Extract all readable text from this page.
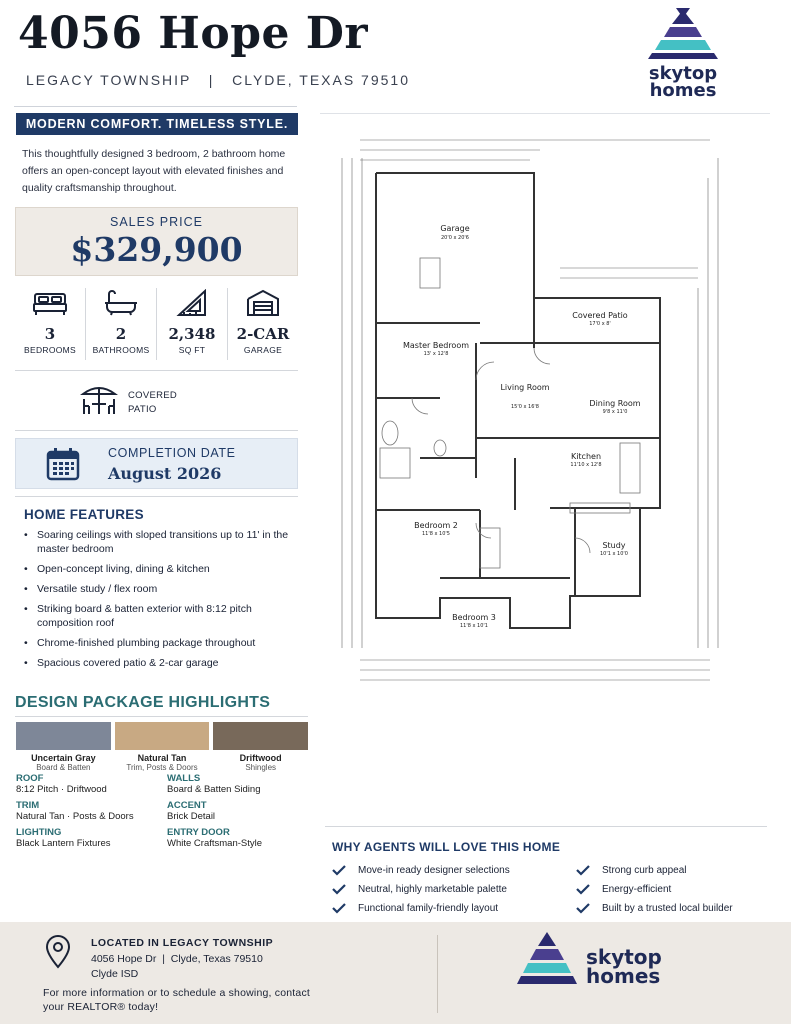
4056 Hope Dr
LEGACY TOWNSHIP   |   CLYDE, TEXAS 79510	skytop
homes
MODERN COMFORT. TIMELESS STYLE.
This thoughtfully designed 3 bedroom, 2 bathroom home offers an open-concept layout with elevated finishes and quality craftsmanship throughout.
SALES PRICE
$329,900
3
BEDROOMS
2
BATHROOMS
2,348
SQ FT
2-CAR
GARAGE
COVERED
PATIO
COMPLETION DATE
August 2026
HOME FEATURES
• Soaring ceilings with sloped transitions up to 11' in the master bedroom
• Open-concept living, dining & kitchen
• Versatile study / flex room
• Striking board & batten exterior with 8:12 pitch composition roof
• Chrome-finished plumbing package throughout
• Spacious covered patio & 2-car garage
DESIGN PACKAGE HIGHLIGHTS
Uncertain Gray
Board & Batten
Natural Tan
Trim, Posts & Doors
Driftwood
Shingles
ROOF
8:12 Pitch · Driftwood
WALLS
Board & Batten Siding
TRIM
Natural Tan · Posts & Doors
ACCENT
Brick Detail
LIGHTING
Black Lantern Fixtures
ENTRY DOOR
White Craftsman-Style
Garage
20'0 x 20'6
Covered Patio
17'0 x 8'
Master Bedroom
13' x 12'8
Living Room
15'0 x 16'8	Dining Room
9'8 x 11'0
Kitchen
11'10 x 12'8
Bedroom 2
11'8 x 10'5
Study
10'1 x 10'0
Bedroom 3
11'8 x 10'1
WHY AGENTS WILL LOVE THIS HOME
Move-in ready designer selections	Strong curb appeal
Neutral, highly marketable palette	Energy-efficient
Functional family-friendly layout	Built by a trusted local builder
LOCATED IN LEGACY TOWNSHIP
4056 Hope Dr  |  Clyde, Texas 79510
Clyde ISD
For more information or to schedule a showing, contact your REALTOR® today!
skytop
homes
